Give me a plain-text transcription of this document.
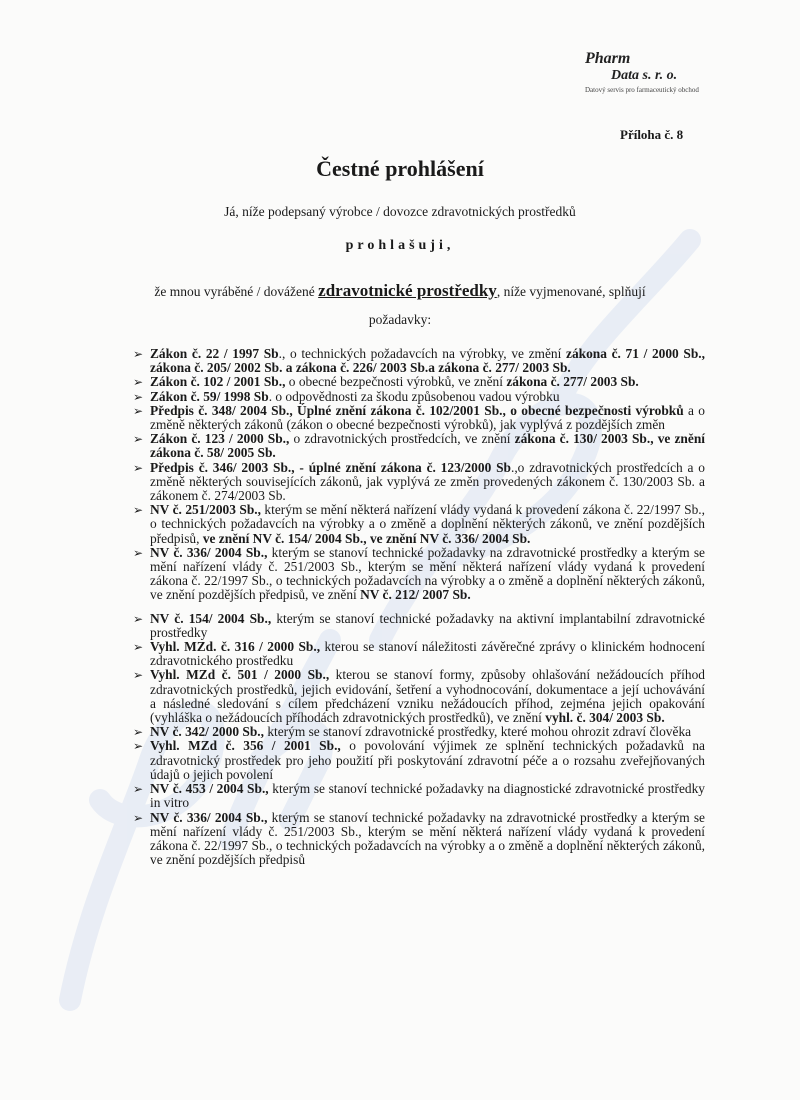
Pharm
Data s. r. o.
Datový servis pro farmaceutický obchod
Příloha č. 8
Čestné prohlášení
Já, níže podepsaný výrobce / dovozce zdravotnických prostředků
prohlašuji,
že mnou vyráběné / dovážené zdravotnické prostředky, níže vyjmenované, splňují
požadavky:
➢ Zákon č. 22 / 1997 Sb., o technických požadavcích na výrobky, ve změní zákona č. 71 / 2000 Sb., zákona č. 205/ 2002 Sb. a zákona č. 226/ 2003 Sb.a zákona č. 277/ 2003 Sb.
➢ Zákon č. 102 / 2001 Sb., o obecné bezpečnosti výrobků, ve znění zákona č. 277/ 2003 Sb.
➢ Zákon č. 59/ 1998 Sb. o odpovědnosti za škodu způsobenou vadou výrobku
➢ Předpis č. 348/ 2004 Sb., Úplné znění zákona č. 102/2001 Sb., o obecné bezpečnosti výrobků a o změně některých zákonů (zákon o obecné bezpečnosti výrobků), jak vyplývá z pozdějších změn
➢ Zákon č. 123 / 2000 Sb., o zdravotnických prostředcích, ve znění zákona č. 130/ 2003 Sb., ve znění zákona č. 58/ 2005 Sb.
➢ Předpis č. 346/ 2003 Sb., - úplné znění zákona č. 123/2000 Sb.,o zdravotnických prostředcích a o změně některých souvisejících zákonů, jak vyplývá ze změn provedených zákonem č. 130/2003 Sb. a zákonem č. 274/2003 Sb.
➢ NV č. 251/2003 Sb., kterým se mění některá nařízení vlády vydaná k provedení zákona č. 22/1997 Sb., o technických požadavcích na výrobky a o změně a doplnění některých zákonů, ve znění pozdějších předpisů, ve znění NV č. 154/ 2004 Sb., ve znění NV č. 336/ 2004 Sb.
➢ NV č. 336/ 2004 Sb., kterým se stanoví technické požadavky na zdravotnické prostředky a kterým se mění nařízení vlády č. 251/2003 Sb., kterým se mění některá nařízení vlády vydaná k provedení zákona č. 22/1997 Sb., o technických požadavcích na výrobky a o změně a doplnění některých zákonů, ve znění pozdějších předpisů, ve znění NV č. 212/ 2007 Sb.
➢ NV č. 154/ 2004 Sb., kterým se stanoví technické požadavky na aktivní implantabilní zdravotnické prostředky
➢ Vyhl. MZd. č. 316 / 2000 Sb., kterou se stanoví náležitosti závěrečné zprávy o klinickém hodnocení zdravotnického prostředku
➢ Vyhl. MZd č. 501 / 2000 Sb., kterou se stanoví formy, způsoby ohlašování nežádoucích příhod zdravotnických prostředků, jejich evidování, šetření a vyhodnocování, dokumentace a její uchovávání a následné sledování s cílem předcházení vzniku nežádoucích příhod, zejména jejich opakování (vyhláška o nežádoucích příhodách zdravotnických prostředků), ve znění vyhl. č. 304/ 2003 Sb.
➢ NV č. 342/ 2000 Sb., kterým se stanoví zdravotnické prostředky, které mohou ohrozit zdraví člověka
➢ Vyhl. MZd č. 356 / 2001 Sb., o povolování výjimek ze splnění technických požadavků na zdravotnický prostředek pro jeho použití při poskytování zdravotní péče a o rozsahu zveřejňovaných údajů o jejich povolení
➢ NV č. 453 / 2004 Sb., kterým se stanoví technické požadavky na diagnostické zdravotnické prostředky in vitro
➢ NV č. 336/ 2004 Sb., kterým se stanoví technické požadavky na zdravotnické prostředky a kterým se mění nařízení vlády č. 251/2003 Sb., kterým se mění některá nařízení vlády vydaná k provedení zákona č. 22/1997 Sb., o technických požadavcích na výrobky a o změně a doplnění některých zákonů, ve znění pozdějších předpisů
